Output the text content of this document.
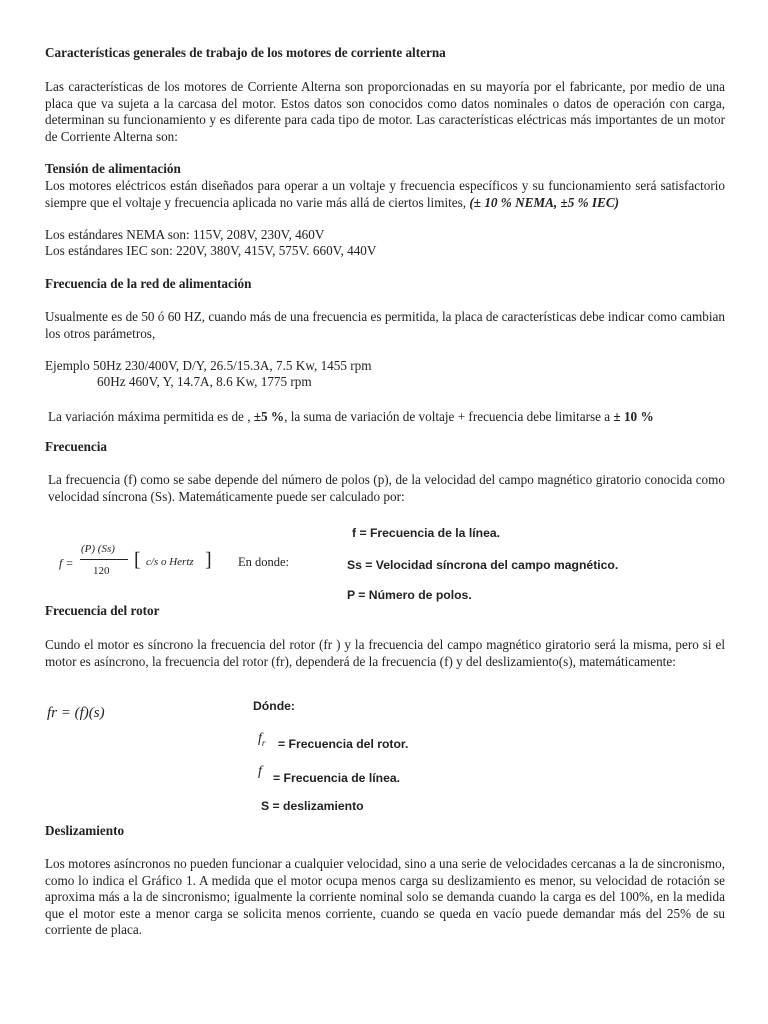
Características generales de trabajo de los motores de corriente alterna
Las características de los motores de Corriente Alterna son proporcionadas en su mayoría por el fabricante, por medio de una placa que va sujeta a la carcasa del motor. Estos datos son conocidos como datos nominales o datos de operación con carga, determinan su funcionamiento y es diferente para cada tipo de motor. Las características eléctricas más importantes de un motor de Corriente Alterna son:
Tensión de alimentación
Los motores eléctricos están diseñados para operar a un voltaje y frecuencia específicos y su funcionamiento será satisfactorio siempre que el voltaje y frecuencia aplicada no varie más allá de ciertos limites, (± 10 % NEMA, ±5 % IEC)
Los estándares NEMA son: 115V, 208V, 230V, 460V
Los estándares IEC son: 220V, 380V, 415V, 575V. 660V, 440V
Frecuencia de la red de alimentación
Usualmente es de 50 ó 60 HZ, cuando más de una frecuencia es permitida, la placa de características debe indicar como cambian los otros parámetros,
Ejemplo 50Hz 230/400V, D/Y, 26.5/15.3A, 7.5 Kw, 1455 rpm
60Hz 460V, Y, 14.7A, 8.6 Kw, 1775 rpm
La variación máxima permitida es de , ±5 %, la suma de variación de voltaje + frecuencia debe limitarse a ± 10 %
Frecuencia
La frecuencia (f) como se sabe depende del número de polos (p), de la velocidad del campo magnético giratorio conocida como velocidad síncrona (Ss). Matemáticamente puede ser calculado por:
f =
(P) (Ss)
120 [ c/s o Hertz ] En donde:
f = Frecuencia de la línea.
Ss = Velocidad síncrona del campo magnético.
P = Número de polos.
Frecuencia del rotor
Cundo el motor es síncrono la frecuencia del rotor (fr ) y la frecuencia del campo magnético giratorio será la misma, pero si el motor es asíncrono, la frecuencia del rotor (fr), dependerá de la frecuencia (f) y del deslizamiento(s), matemáticamente:
fr = (f)(s)	Dónde:
$f_r$ = Frecuencia del rotor.
f = Frecuencia de línea.
S = deslizamiento
Deslizamiento
Los motores asíncronos no pueden funcionar a cualquier velocidad, sino a una serie de velocidades cercanas a la de sincronismo, como lo indica el Gráfico 1. A medida que el motor ocupa menos carga su deslizamiento es menor, su velocidad de rotación se aproxima más a la de sincronismo; igualmente la corriente nominal solo se demanda cuando la carga es del 100%, en la medida que el motor este a menor carga se solicita menos corriente, cuando se queda en vacío puede demandar más del 25% de su corriente de placa.
